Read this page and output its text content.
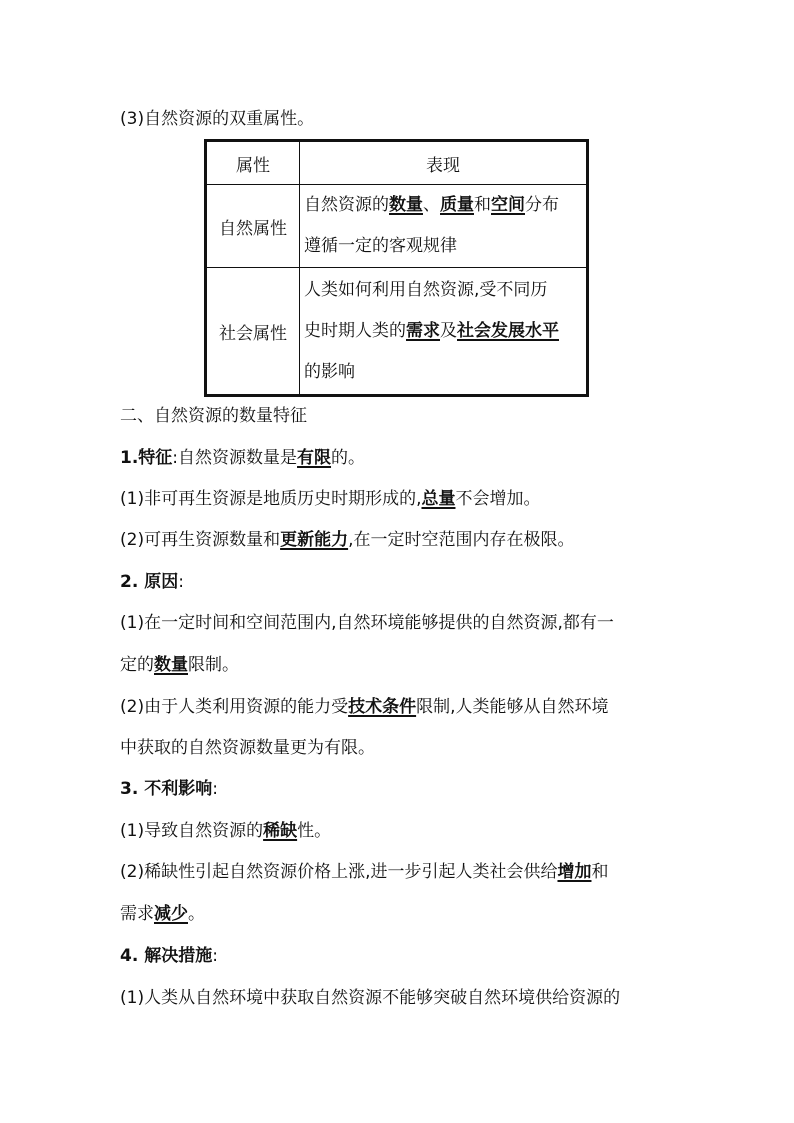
(3)自然资源的双重属性。
属性	表现
自然属性	自然资源的数量、质量和空间分布
遵循一定的客观规律

社会属性	人类如何利用自然资源,受不同历
史时期人类的需求及社会发展水平
的影响
二、自然资源的数量特征
1.特征:自然资源数量是有限的。
(1)非可再生资源是地质历史时期形成的,总量不会增加。
(2)可再生资源数量和更新能力,在一定时空范围内存在极限。
2. 原因:
(1)在一定时间和空间范围内,自然环境能够提供的自然资源,都有一
定的数量限制。
(2)由于人类利用资源的能力受技术条件限制,人类能够从自然环境
中获取的自然资源数量更为有限。
3. 不利影响:
(1)导致自然资源的稀缺性。
(2)稀缺性引起自然资源价格上涨,进一步引起人类社会供给增加和
需求减少。
4. 解决措施:
(1)人类从自然环境中获取自然资源不能够突破自然环境供给资源的
